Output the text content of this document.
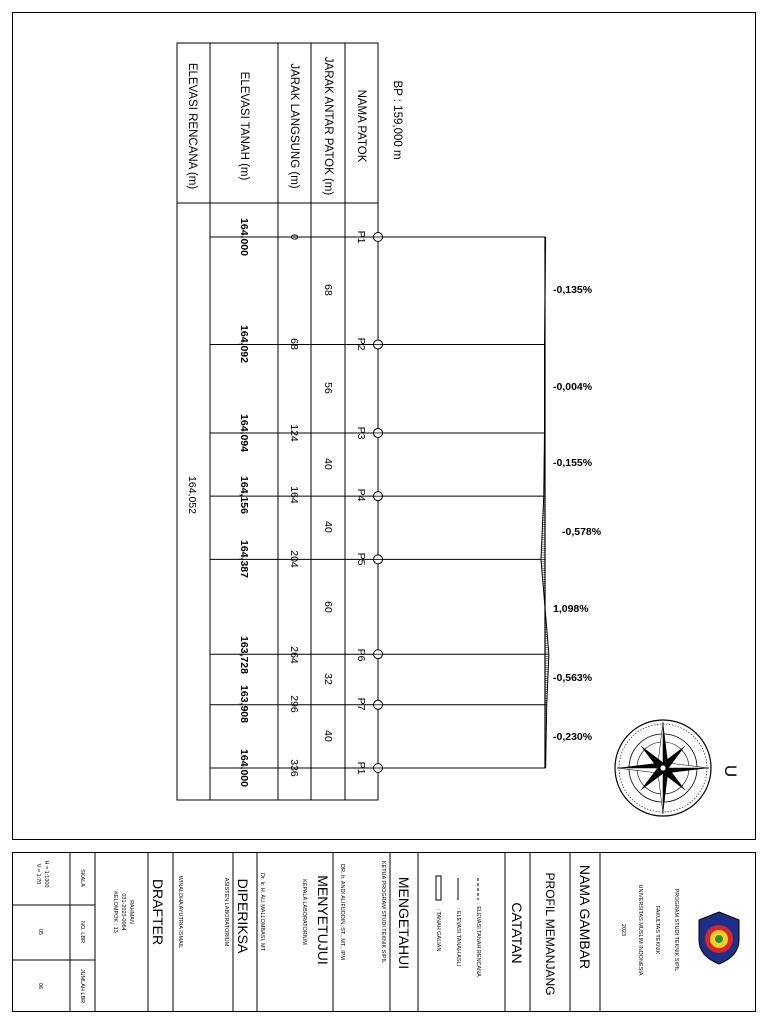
ELEVASI RENCANA (m)	ELEVASI TANAH (m)	JARAK LANGSUNG (m) JARAK ANTAR PATOK (m) NAMA PATOK BP : 159,000 m
P1
P2
P3
P4
P5
P6
P7
P1
68
56
40
40
60
32
40
0
68
124
164
204
264
296
336
164,000
164,092
164,094
164,156
164,387
163,728
163,908
164,000
164,052
-0,135%
-0,004%
-0,155%
-0,578%
1,098%
-0,563%
-0,230%
U
PROGRAM STUDI TEKNIK SIPIL
FAKULTAS TEKNIK
UNIVERSITAS MUSLIM INDONESIA
2023
NAMA GAMBAR
PROFIL MEMANJANG
CATATAN
: ELEVASI TANAH RENCANA
: ELEVASI TANAH ASLI
: TANAH GALIAN
MENGETAHUI
KETUA PROGRAM STUDI TEKNIK SIPIL
DR. Ir. ANDI ALIFUDDIN, ST., MT., IPM
MENYETUJUI
KEPALA LABORATORIUM
Dr. Ir. H. ALI MALLOMBASI, MT
DIPERIKSA
ASISTEN LABORATORIUM
WINALDHA AYUTRIA ISMAIL
DRAFTER
RAHMAN
031-2023-0064
KELOMPOK : 13
SKALA
H = 1:1300
V = 1:70
NO. LBR
05
JUMLAH LBR
06
